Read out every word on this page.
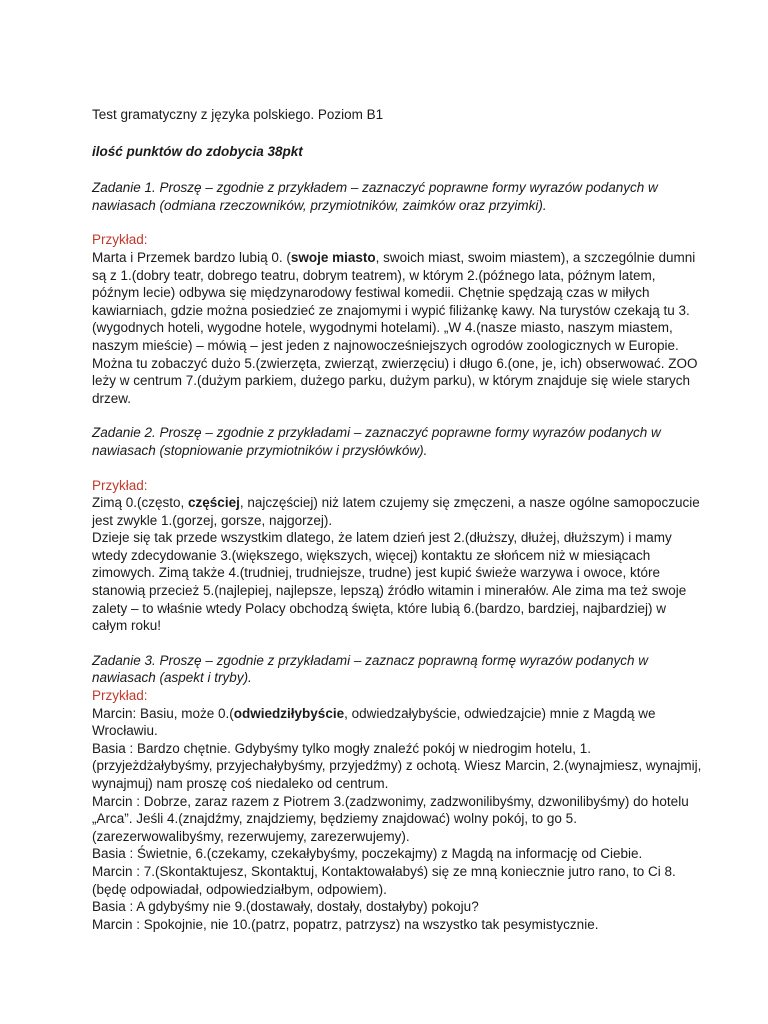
Test gramatyczny z języka polskiego. Poziom B1

ilość punktów do zdobycia 38pkt

Zadanie 1. Proszę – zgodnie z przykładem – zaznaczyć poprawne formy wyrazów podanych w nawiasach (odmiana rzeczowników, przymiotników, zaimków oraz przyimki).

Przykład:

Marta i Przemek bardzo lubią 0. (swoje miasto, swoich miast, swoim miastem), a szczególnie dumni są z 1.(dobry teatr, dobrego teatru, dobrym teatrem), w którym 2.(późnego lata, późnym latem, późnym lecie) odbywa się międzynarodowy festiwal komedii. Chętnie spędzają czas w miłych kawiarniach, gdzie można posiedzieć ze znajomymi i wypić filiżankę kawy. Na turystów czekają tu 3.(wygodnych hoteli, wygodne hotele, wygodnymi hotelami). „W 4.(nasze miasto, naszym miastem, naszym mieście) – mówią – jest jeden z najnowocześniejszych ogrodów zoologicznych w Europie. Można tu zobaczyć dużo 5.(zwierzęta, zwierząt, zwierzęciu) i długo 6.(one, je, ich) obserwować. ZOO leży w centrum 7.(dużym parkiem, dużego parku, dużym parku), w którym znajduje się wiele starych drzew.

Zadanie 2. Proszę – zgodnie z przykładami – zaznaczyć poprawne formy wyrazów podanych w nawiasach (stopniowanie przymiotników i przysłówków).

Przykład:

Zimą 0.(często, częściej, najczęściej) niż latem czujemy się zmęczeni, a nasze ogólne samopoczucie jest zwykle 1.(gorzej, gorsze, najgorzej).

Dzieje się tak przede wszystkim dlatego, że latem dzień jest 2.(dłuższy, dłużej, dłuższym) i mamy wtedy zdecydowanie 3.(większego, większych, więcej) kontaktu ze słońcem niż w miesiącach zimowych. Zimą także 4.(trudniej, trudniejsze, trudne) jest kupić świeże warzywa i owoce, które stanowią przecież 5.(najlepiej, najlepsze, lepszą) źródło witamin i minerałów. Ale zima ma też swoje zalety – to właśnie wtedy Polacy obchodzą święta, które lubią 6.(bardzo, bardziej, najbardziej) w całym roku!

Zadanie 3. Proszę – zgodnie z przykładami – zaznacz poprawną formę wyrazów podanych w nawiasach (aspekt i tryby).

Przykład:

Marcin: Basiu, może 0.(odwiedziłybyście, odwiedzałybyście, odwiedzajcie) mnie z Magdą we Wrocławiu.

Basia : Bardzo chętnie. Gdybyśmy tylko mogły znaleźć pokój w niedrogim hotelu, 1.(przyjeżdżałybyśmy, przyjechałybyśmy, przyjedźmy) z ochotą. Wiesz Marcin, 2.(wynajmiesz, wynajmij, wynajmuj) nam proszę coś niedaleko od centrum.

Marcin : Dobrze, zaraz razem z Piotrem 3.(zadzwonimy, zadzwonilibyśmy, dzwonilibyśmy) do hotelu „Arca”. Jeśli 4.(znajdźmy, znajdziemy, będziemy znajdować) wolny pokój, to go 5.(zarezerwowalibyśmy, rezerwujemy, zarezerwujemy).

Basia : Świetnie, 6.(czekamy, czekałybyśmy, poczekajmy) z Magdą na informację od Ciebie.

Marcin : 7.(Skontaktujesz, Skontaktuj, Kontaktowałabyś) się ze mną koniecznie jutro rano, to Ci 8.(będę odpowiadał, odpowiedziałbym, odpowiem).

Basia : A gdybyśmy nie 9.(dostawały, dostały, dostałyby) pokoju?

Marcin : Spokojnie, nie 10.(patrz, popatrz, patrzysz) na wszystko tak pesymistycznie.
